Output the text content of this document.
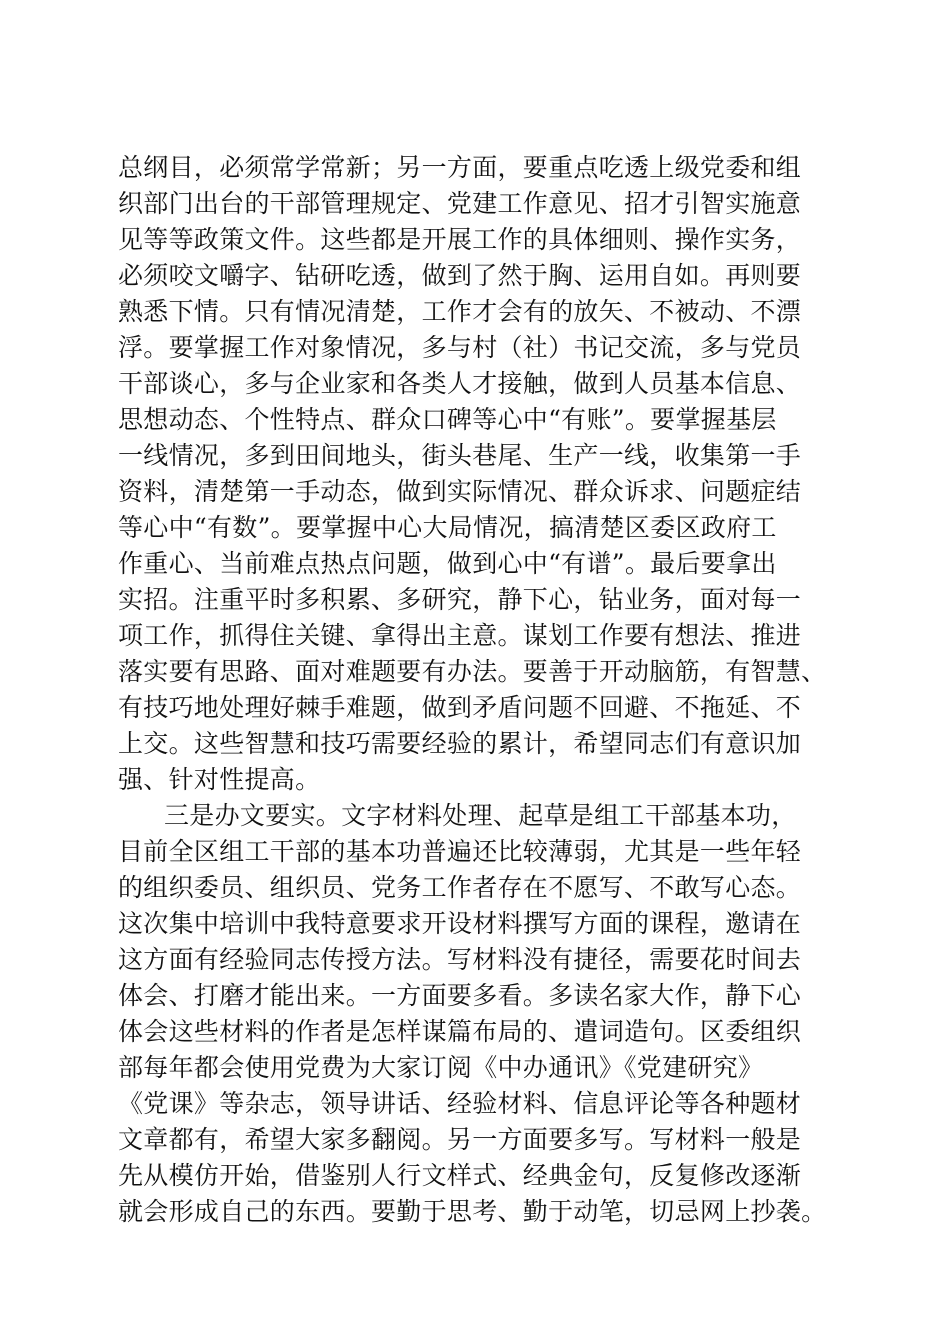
总纲目，必须常学常新；另一方面，要重点吃透上级党委和组
织部门出台的干部管理规定、党建工作意见、招才引智实施意
见等等政策文件。这些都是开展工作的具体细则、操作实务，
必须咬文嚼字、钻研吃透，做到了然于胸、运用自如。再则要
熟悉下情。只有情况清楚，工作才会有的放矢、不被动、不漂
浮。要掌握工作对象情况，多与村（社）书记交流，多与党员
干部谈心，多与企业家和各类人才接触，做到人员基本信息、
思想动态、个性特点、群众口碑等心中“有账”。要掌握基层
一线情况，多到田间地头，街头巷尾、生产一线，收集第一手
资料，清楚第一手动态，做到实际情况、群众诉求、问题症结
等心中“有数”。要掌握中心大局情况，搞清楚区委区政府工
作重心、当前难点热点问题，做到心中“有谱”。最后要拿出
实招。注重平时多积累、多研究，静下心，钻业务，面对每一
项工作，抓得住关键、拿得出主意。谋划工作要有想法、推进
落实要有思路、面对难题要有办法。要善于开动脑筋，有智慧、
有技巧地处理好棘手难题，做到矛盾问题不回避、不拖延、不
上交。这些智慧和技巧需要经验的累计，希望同志们有意识加
强、针对性提高。
三是办文要实。文字材料处理、起草是组工干部基本功，
目前全区组工干部的基本功普遍还比较薄弱，尤其是一些年轻
的组织委员、组织员、党务工作者存在不愿写、不敢写心态。
这次集中培训中我特意要求开设材料撰写方面的课程，邀请在
这方面有经验同志传授方法。写材料没有捷径，需要花时间去
体会、打磨才能出来。一方面要多看。多读名家大作，静下心
体会这些材料的作者是怎样谋篇布局的、遣词造句。区委组织
部每年都会使用党费为大家订阅《中办通讯》《党建研究》
《党课》等杂志，领导讲话、经验材料、信息评论等各种题材
文章都有，希望大家多翻阅。另一方面要多写。写材料一般是
先从模仿开始，借鉴别人行文样式、经典金句，反复修改逐渐
就会形成自己的东西。要勤于思考、勤于动笔，切忌网上抄袭。
